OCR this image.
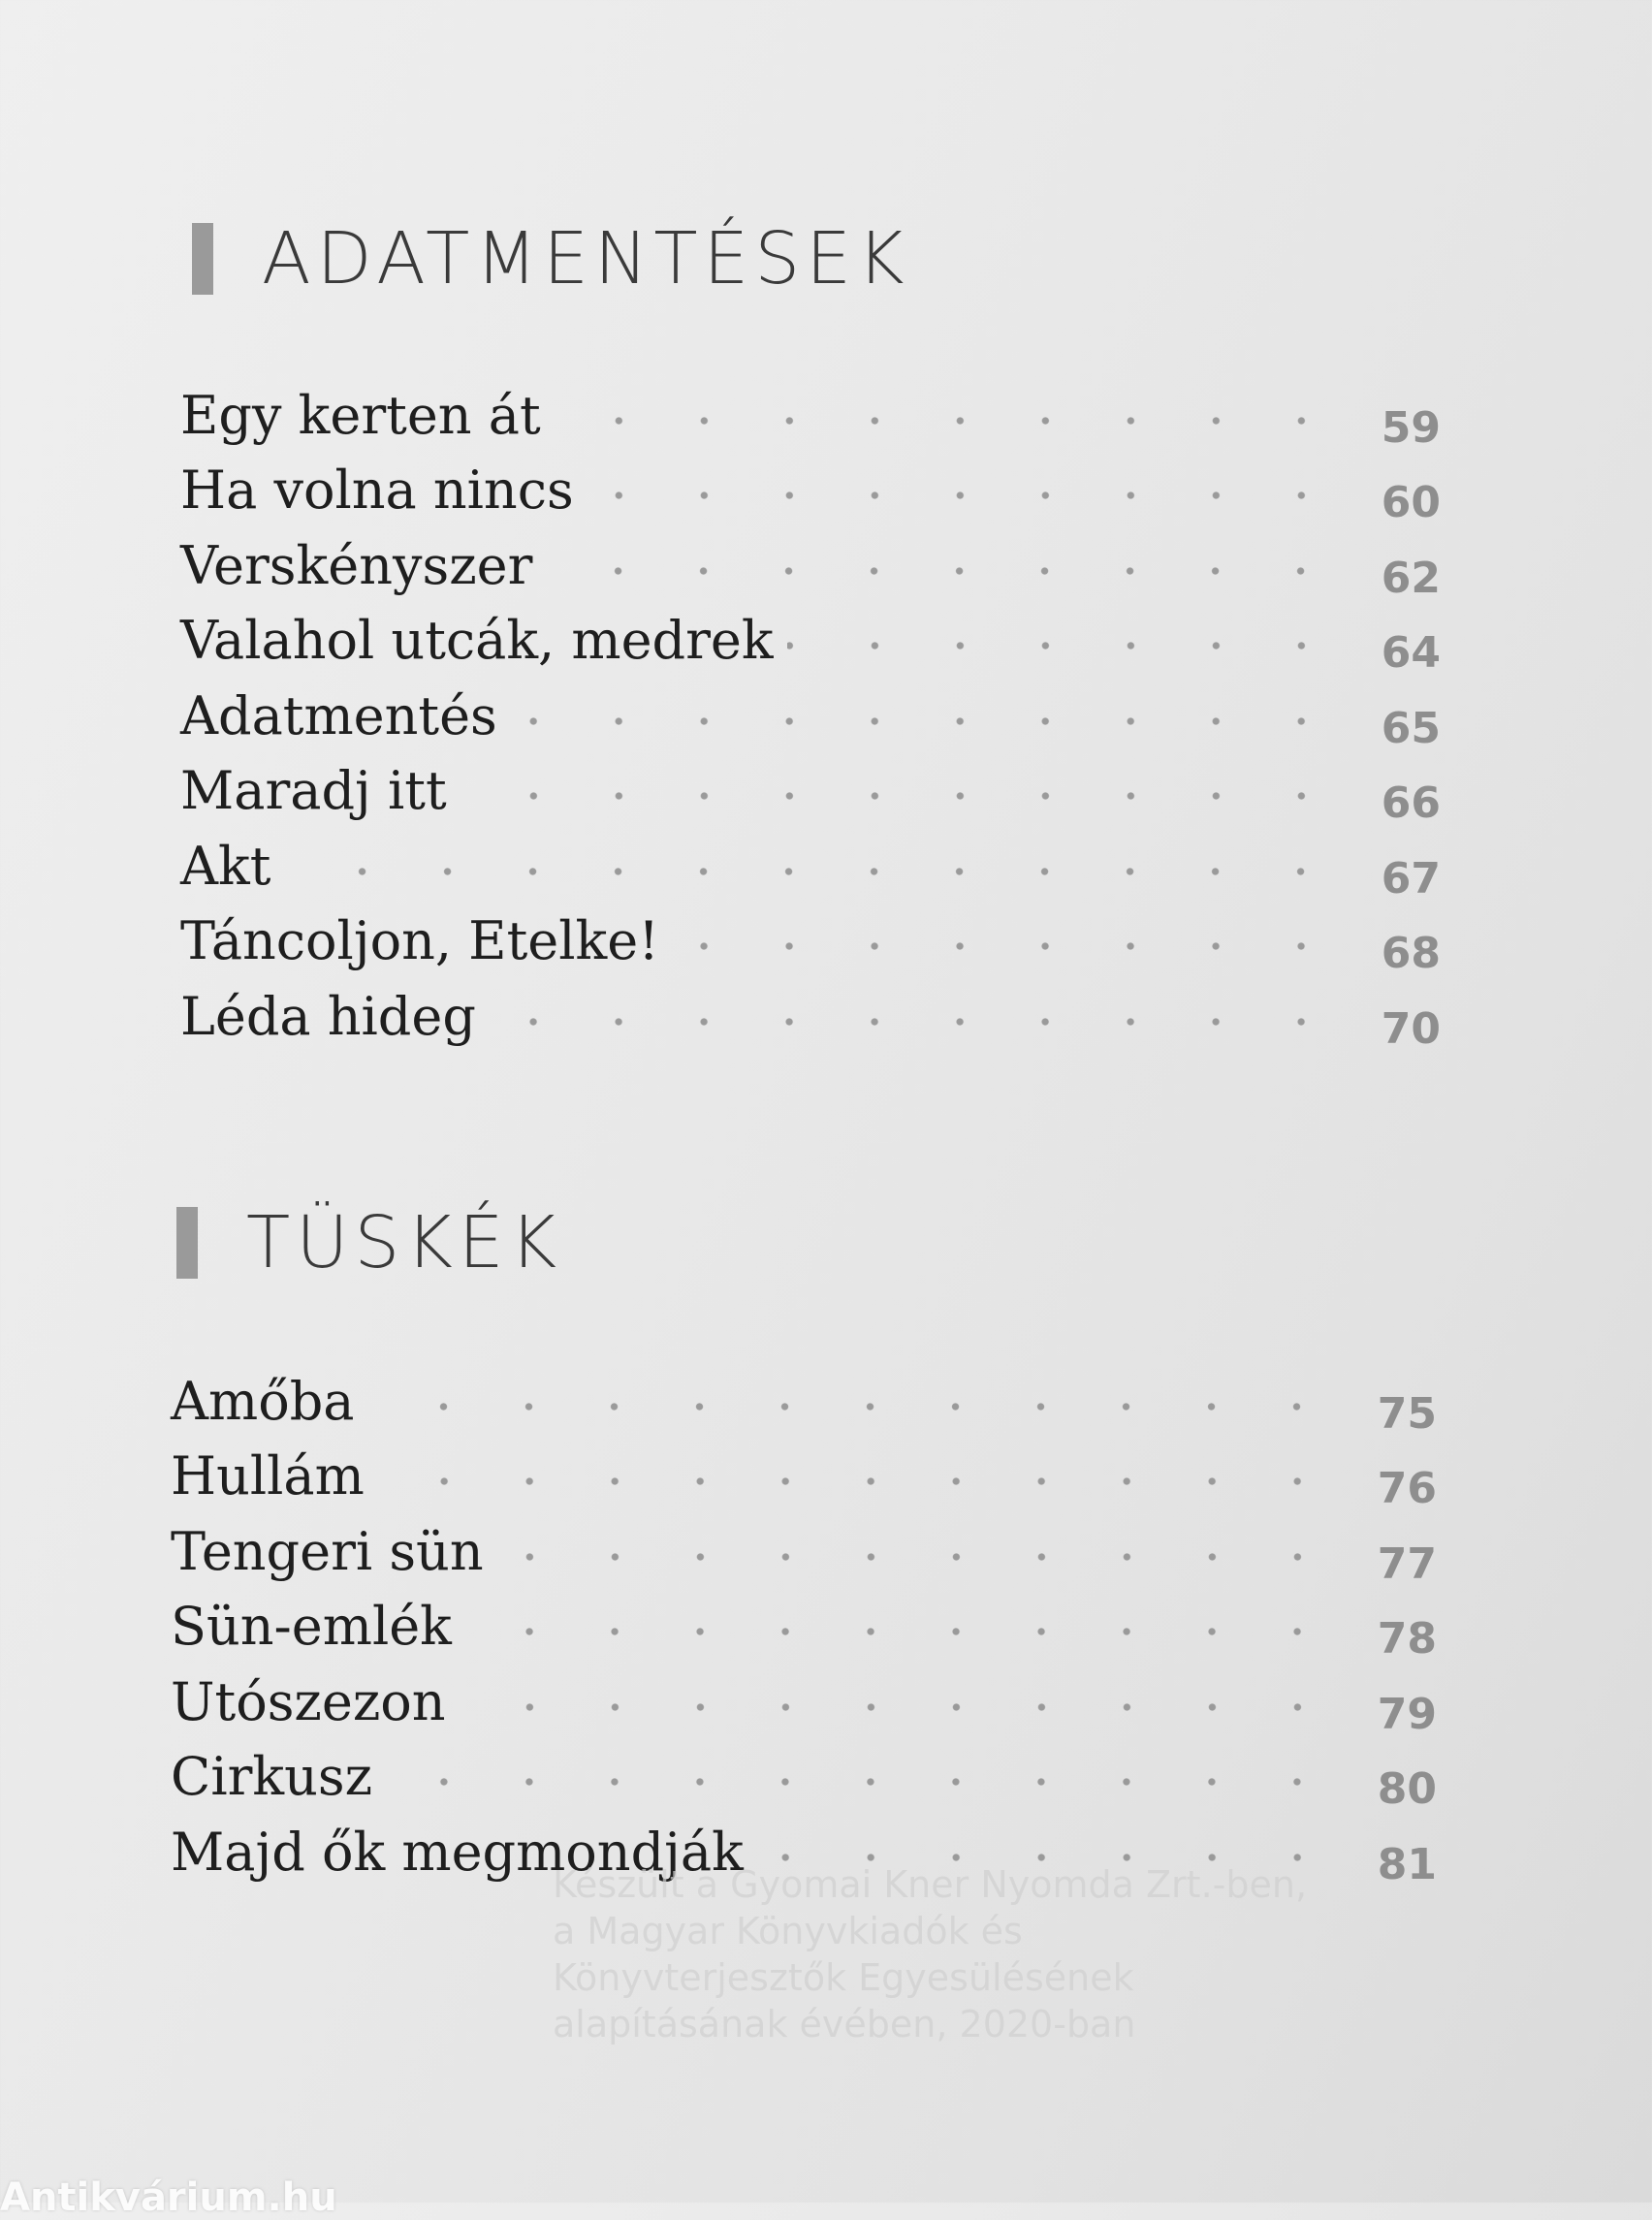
ADATMENTÉSEK
Egy kerten át	59
Ha volna nincs	60
Verskényszer	62
Valahol utcák, medrek	64
Adatmentés	65
Maradj itt	66
Akt	67
Táncoljon, Etelke!	68
Léda hideg	70
TÜSKÉK
Amőba	75
Hullám	76
Tengeri sün	77
Sün-emlék	78
Utószezon	79
Cirkusz	80
Majd ők megmondják	81
Készült a Gyomai Kner Nyomda Zrt.-ben, a Magyar Könyvkiadók és Könyvterjesztők Egyesülésének alapításának évében, 2020-ban
Antikvárium.hu
